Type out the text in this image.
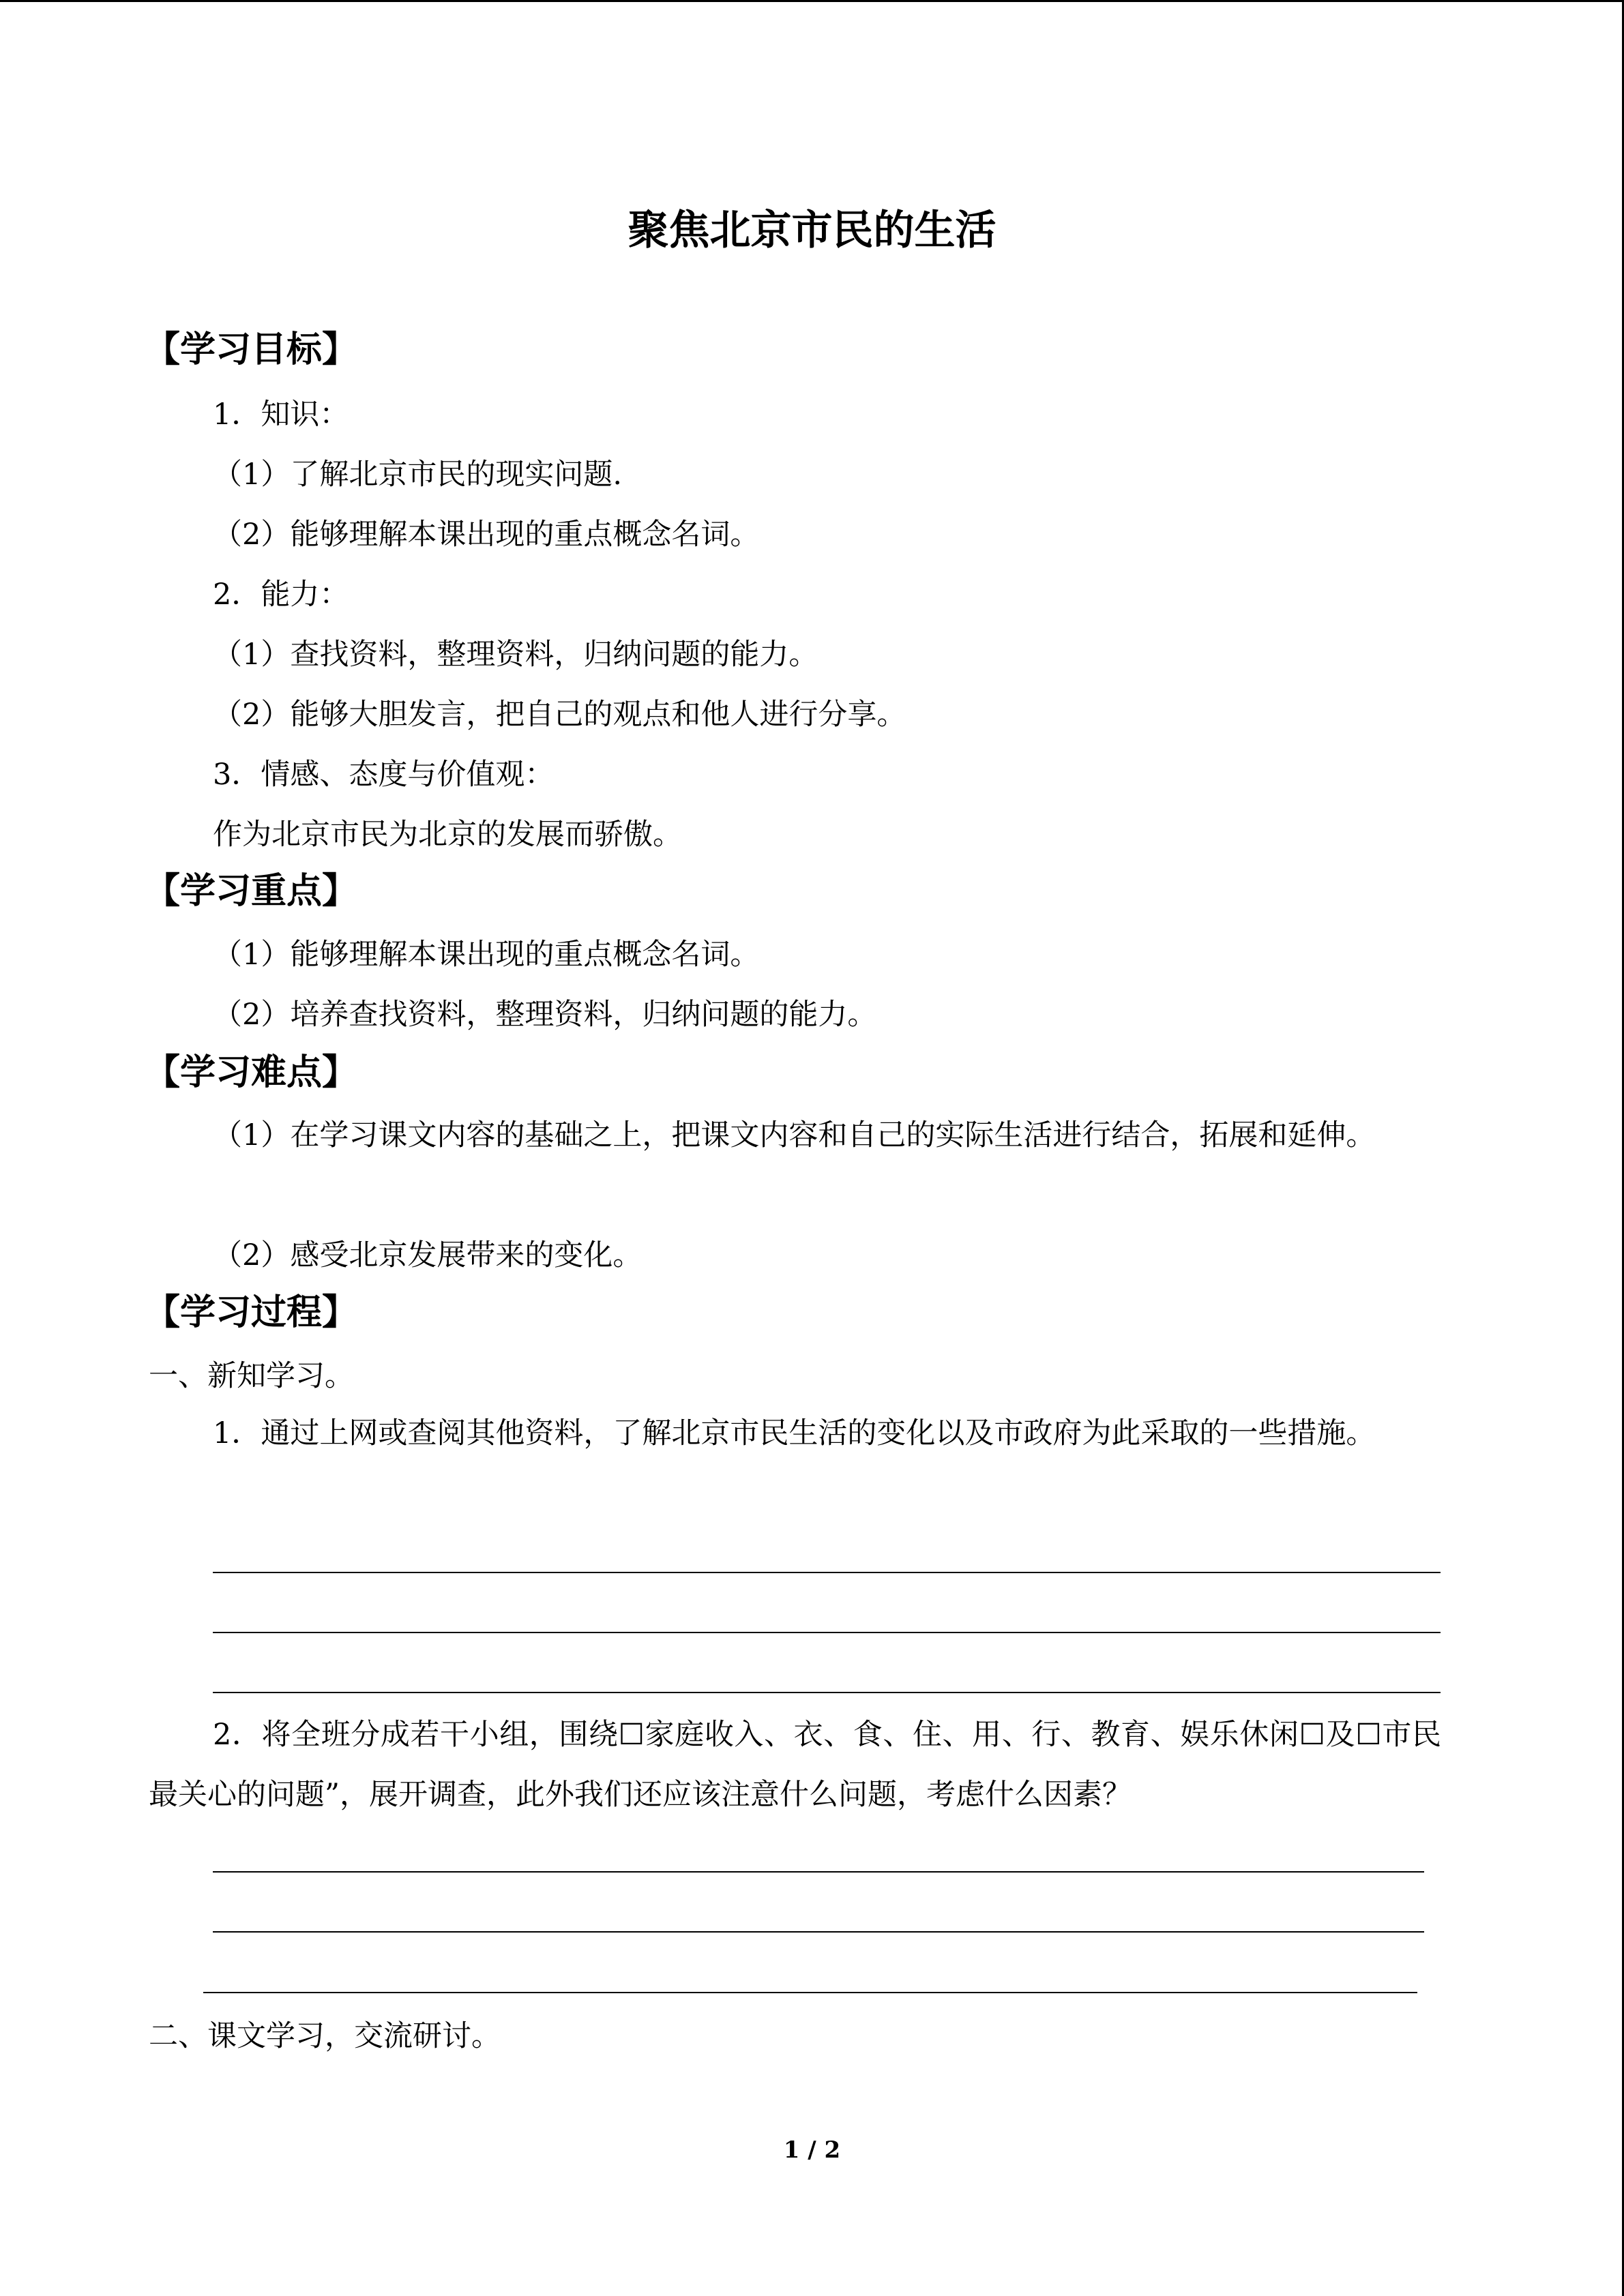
聚焦北京市民的生活
【学习目标】
1．知识：
（1）了解北京市民的现实问题.
（2）能够理解本课出现的重点概念名词。
2．能力：
（1）查找资料，整理资料，归纳问题的能力。
（2）能够大胆发言，把自己的观点和他人进行分享。
3．情感、态度与价值观：
作为北京市民为北京的发展而骄傲。
【学习重点】
（1）能够理解本课出现的重点概念名词。
（2）培养查找资料，整理资料，归纳问题的能力。
【学习难点】
（1）在学习课文内容的基础之上，把课文内容和自己的实际生活进行结合，拓展和延伸。
（2）感受北京发展带来的变化。
【学习过程】
一、新知学习。
1．通过上网或查阅其他资料，了解北京市民生活的变化以及市政府为此采取的一些措施。
2．将全班分成若干小组，围绕☐家庭收入、衣、食、住、用、行、教育、娱乐休闲☐及☐市民最关心的问题”，展开调查，此外我们还应该注意什么问题，考虑什么因素？
二、课文学习，交流研讨。
1 / 2
